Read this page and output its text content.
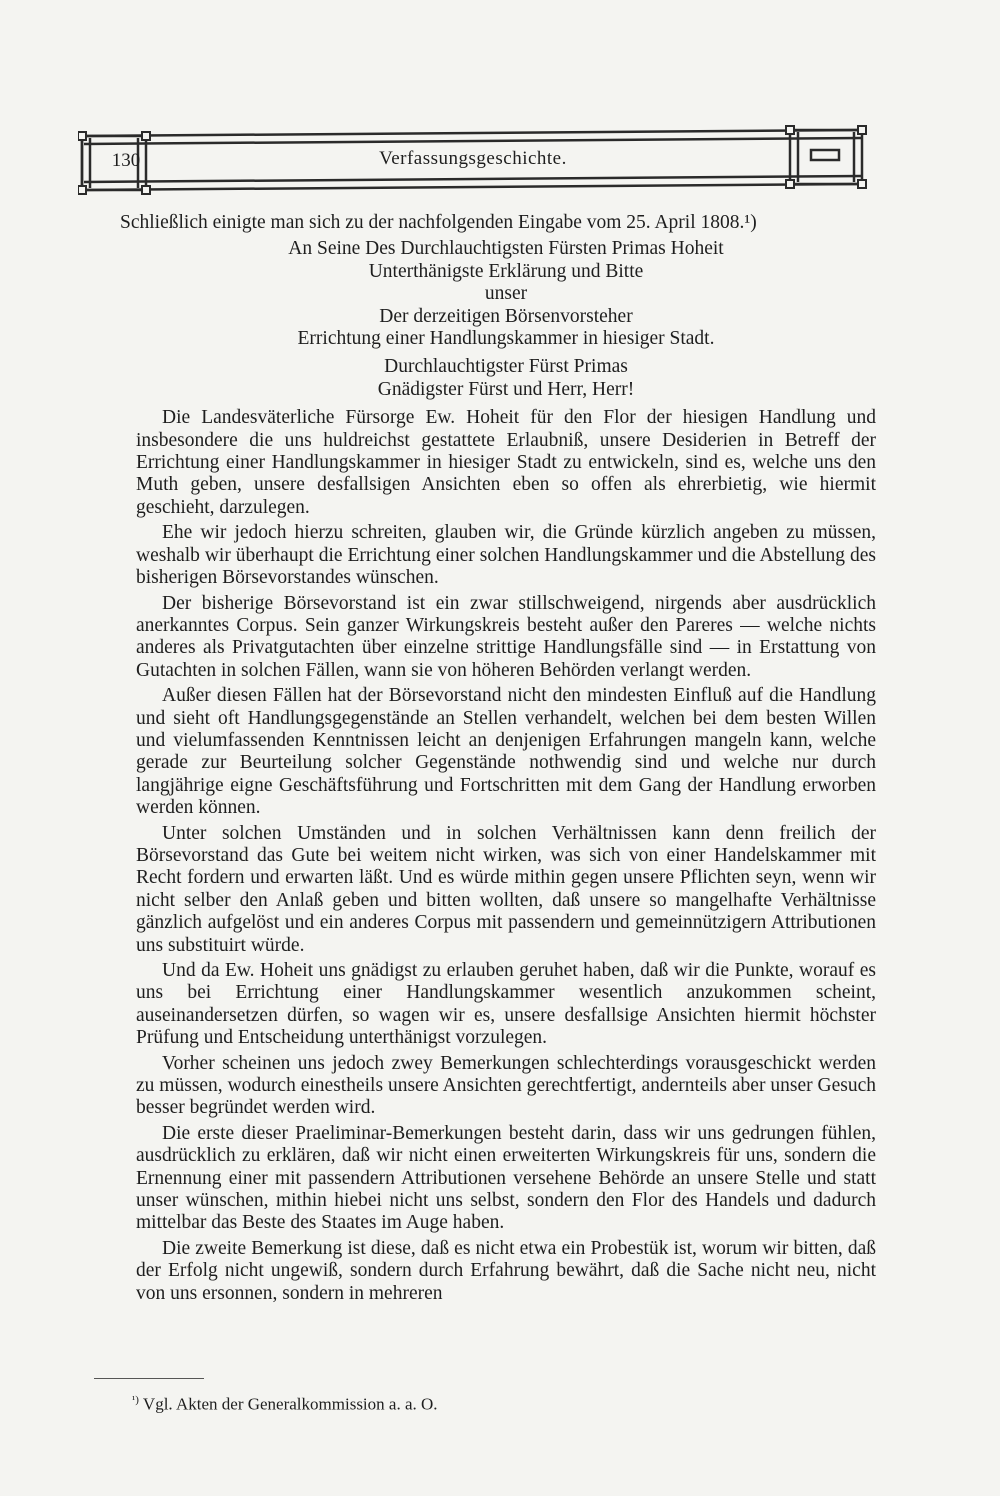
130	Verfassungsgeschichte.

Schließlich einigte man sich zu der nachfolgenden Eingabe vom 25. April 1808.¹)

An Seine Des Durchlauchtigsten Fürsten Primas Hoheit
Unterthänigste Erklärung und Bitte
unser
Der derzeitigen Börsenvorsteher
Errichtung einer Handlungskammer in hiesiger Stadt.
Durchlauchtigster Fürst Primas
Gnädigster Fürst und Herr, Herr!

Die Landesväterliche Fürsorge Ew. Hoheit für den Flor der hiesigen Handlung und insbesondere die uns huldreichst gestattete Erlaubniß, unsere Desiderien in Betreff der Errichtung einer Handlungskammer in hiesiger Stadt zu entwickeln, sind es, welche uns den Muth geben, unsere desfallsigen Ansichten eben so offen als ehrerbietig, wie hiermit geschieht, darzulegen.

Ehe wir jedoch hierzu schreiten, glauben wir, die Gründe kürzlich angeben zu müssen, weshalb wir überhaupt die Errichtung einer solchen Handlungskammer und die Abstellung des bisherigen Börsevorstandes wünschen.

Der bisherige Börsevorstand ist ein zwar stillschweigend, nirgends aber ausdrücklich anerkanntes Corpus. Sein ganzer Wirkungskreis besteht außer den Pareres — welche nichts anderes als Privatgutachten über einzelne strittige Handlungsfälle sind — in Erstattung von Gutachten in solchen Fällen, wann sie von höheren Behörden verlangt werden.

Außer diesen Fällen hat der Börsevorstand nicht den mindesten Einfluß auf die Handlung und sieht oft Handlungsgegenstände an Stellen verhandelt, welchen bei dem besten Willen und vielumfassenden Kenntnissen leicht an denjenigen Erfahrungen mangeln kann, welche gerade zur Beurteilung solcher Gegenstände nothwendig sind und welche nur durch langjährige eigne Geschäftsführung und Fortschritten mit dem Gang der Handlung erworben werden können.

Unter solchen Umständen und in solchen Verhältnissen kann denn freilich der Börsevorstand das Gute bei weitem nicht wirken, was sich von einer Handelskammer mit Recht fordern und erwarten läßt. Und es würde mithin gegen unsere Pflichten seyn, wenn wir nicht selber den Anlaß geben und bitten wollten, daß unsere so mangelhafte Verhältnisse gänzlich aufgelöst und ein anderes Corpus mit passendern und gemeinnützigern Attributionen uns substituirt würde.

Und da Ew. Hoheit uns gnädigst zu erlauben geruhet haben, daß wir die Punkte, worauf es uns bei Errichtung einer Handlungskammer wesentlich anzukommen scheint, auseinandersetzen dürfen, so wagen wir es, unsere desfallsige Ansichten hiermit höchster Prüfung und Entscheidung unterthänigst vorzulegen.

Vorher scheinen uns jedoch zwey Bemerkungen schlechterdings vorausgeschickt werden zu müssen, wodurch einestheils unsere Ansichten gerechtfertigt, andernteils aber unser Gesuch besser begründet werden wird.

Die erste dieser Praeliminar-Bemerkungen besteht darin, dass wir uns gedrungen fühlen, ausdrücklich zu erklären, daß wir nicht einen erweiterten Wirkungskreis für uns, sondern die Ernennung einer mit passendern Attributionen versehene Behörde an unsere Stelle und statt unser wünschen, mithin hiebei nicht uns selbst, sondern den Flor des Handels und dadurch mittelbar das Beste des Staates im Auge haben.

Die zweite Bemerkung ist diese, daß es nicht etwa ein Probestük ist, worum wir bitten, daß der Erfolg nicht ungewiß, sondern durch Erfahrung bewährt, daß die Sache nicht neu, nicht von uns ersonnen, sondern in mehreren

$^{^1)}$ Vgl. Akten der Generalkommission a. a. O.
